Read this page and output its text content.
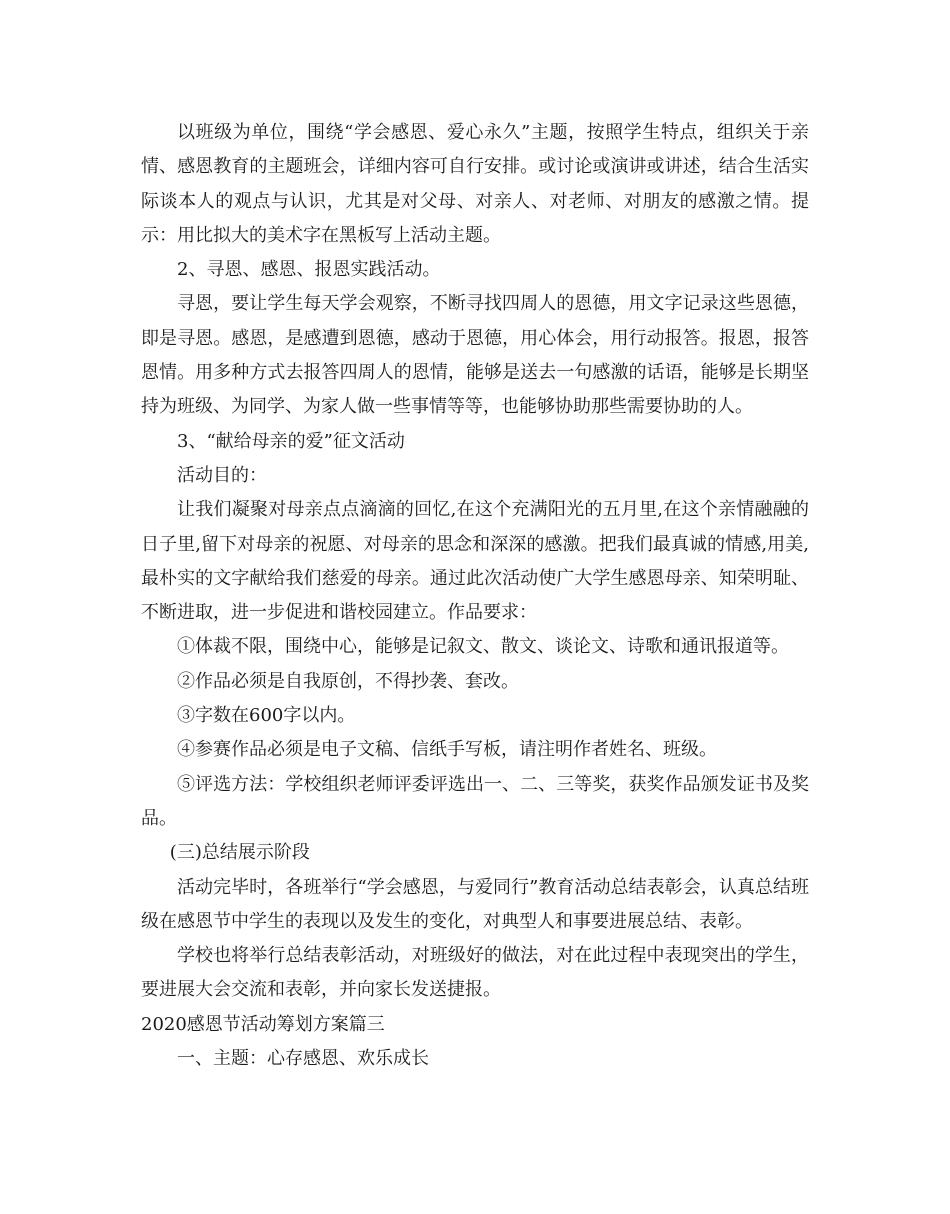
以班级为单位，围绕“学会感恩、爱心永久”主题，按照学生特点，组织关于亲情、感恩教育的主题班会，详细内容可自行安排。或讨论或演讲或讲述，结合生活实际谈本人的观点与认识，尤其是对父母、对亲人、对老师、对朋友的感激之情。提示：用比拟大的美术字在黑板写上活动主题。

2、寻恩、感恩、报恩实践活动。

寻恩，要让学生每天学会观察，不断寻找四周人的恩德，用文字记录这些恩德，即是寻恩。感恩，是感遭到恩德，感动于恩德，用心体会，用行动报答。报恩，报答恩情。用多种方式去报答四周人的恩情，能够是送去一句感激的话语，能够是长期坚持为班级、为同学、为家人做一些事情等等，也能够协助那些需要协助的人。

3、“献给母亲的爱”征文活动

活动目的：

让我们凝聚对母亲点点滴滴的回忆,在这个充满阳光的五月里,在这个亲情融融的日子里,留下对母亲的祝愿、对母亲的思念和深深的感激。把我们最真诚的情感,用美,最朴实的文字献给我们慈爱的母亲。通过此次活动使广大学生感恩母亲、知荣明耻、不断进取，进一步促进和谐校园建立。作品要求：

①体裁不限，围绕中心，能够是记叙文、散文、谈论文、诗歌和通讯报道等。

②作品必须是自我原创，不得抄袭、套改。

③字数在600字以内。

④参赛作品必须是电子文稿、信纸手写板，请注明作者姓名、班级。

⑤评选方法：学校组织老师评委评选出一、二、三等奖，获奖作品颁发证书及奖品。

(三)总结展示阶段

活动完毕时，各班举行“学会感恩，与爱同行”教育活动总结表彰会，认真总结班级在感恩节中学生的表现以及发生的变化，对典型人和事要进展总结、表彰。

学校也将举行总结表彰活动，对班级好的做法，对在此过程中表现突出的学生，要进展大会交流和表彰，并向家长发送捷报。

2020感恩节活动筹划方案篇三

一、主题：心存感恩、欢乐成长
